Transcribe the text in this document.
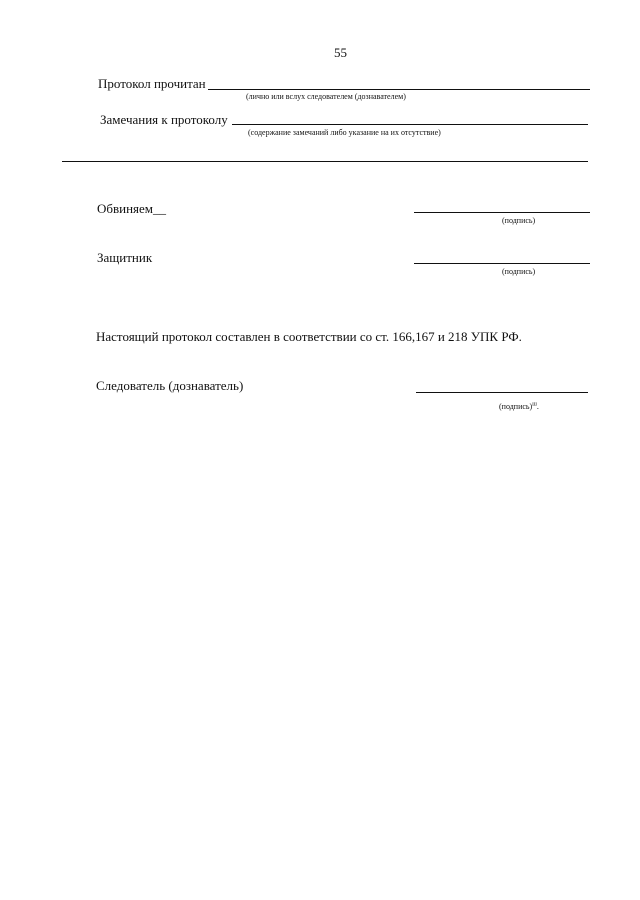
55
Протокол прочитан
(лично или вслух следователем (дознавателем)
Замечания к протоколу
(содержание замечаний либо указание на их отсутствие)
Обвиняем__
(подпись)
Защитник
(подпись)
Настоящий протокол составлен в соответствии со ст. 166,167 и 218 УПК РФ.
Следователь (дознаватель)
(подпись)$^ш$.
